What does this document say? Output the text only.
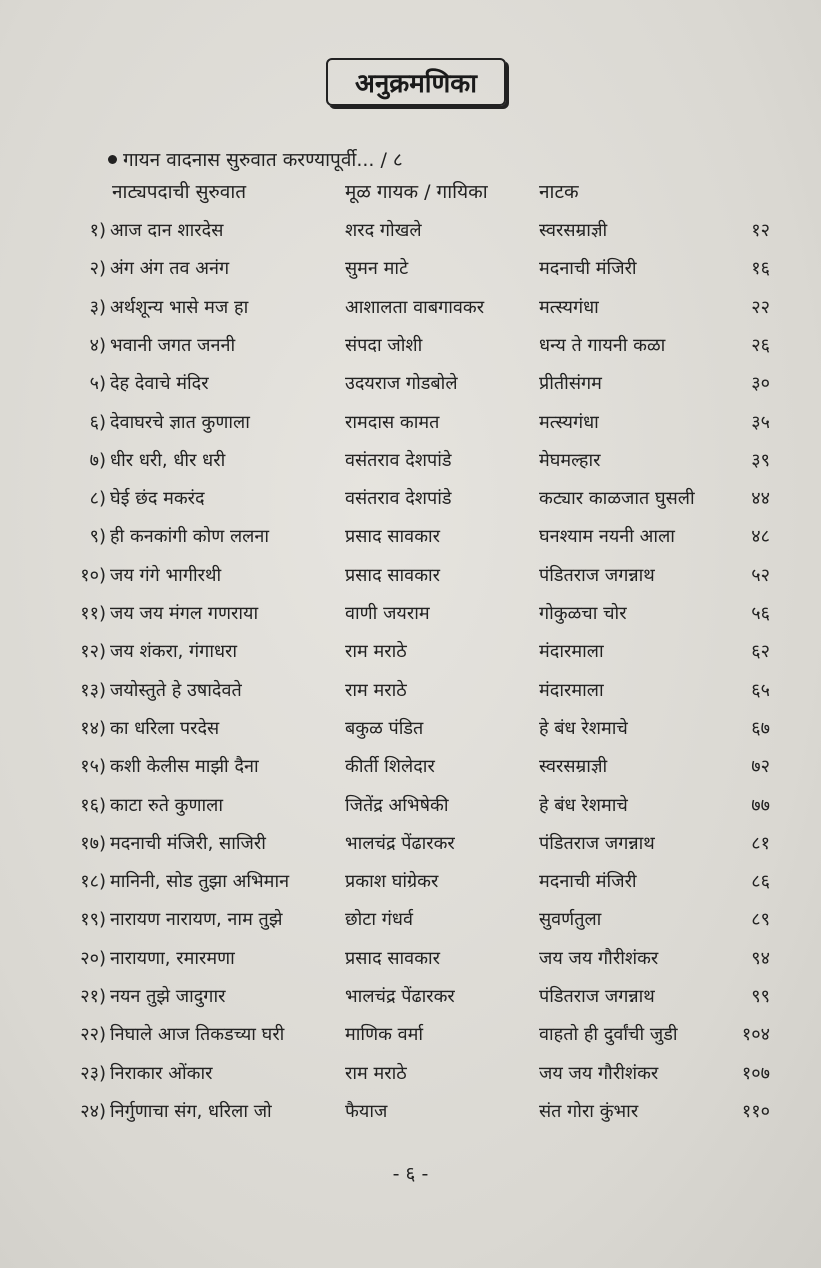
अनुक्रमणिका
गायन वादनास सुरुवात करण्यापूर्वी... / ८
नाट्यपदाची सुरुवात	मूळ गायक / गायिका	नाटक
१) आज दान शारदेस	शरद गोखले	स्वरसम्राज्ञी	१२
२) अंग अंग तव अनंग	सुमन माटे	मदनाची मंजिरी	१६
३) अर्थशून्य भासे मज हा	आशालता वाबगावकर	मत्स्यगंधा	२२
४) भवानी जगत जननी	संपदा जोशी	धन्य ते गायनी कळा	२६
५) देह देवाचे मंदिर	उदयराज गोडबोले	प्रीतीसंगम	३०
६) देवाघरचे ज्ञात कुणाला	रामदास कामत	मत्स्यगंधा	३५
७) धीर धरी, धीर धरी	वसंतराव देशपांडे	मेघमल्हार	३९
८) घेई छंद मकरंद	वसंतराव देशपांडे	कट्यार काळजात घुसली	४४
९) ही कनकांगी कोण ललना	प्रसाद सावकार	घनश्याम नयनी आला	४८
१०) जय गंगे भागीरथी	प्रसाद सावकार	पंडितराज जगन्नाथ	५२
११) जय जय मंगल गणराया	वाणी जयराम	गोकुळचा चोर	५६
१२) जय शंकरा, गंगाधरा	राम मराठे	मंदारमाला	६२
१३) जयोस्तुते हे उषादेवते	राम मराठे	मंदारमाला	६५
१४) का धरिला परदेस	बकुळ पंडित	हे बंध रेशमाचे	६७
१५) कशी केलीस माझी दैना	कीर्ती शिलेदार	स्वरसम्राज्ञी	७२
१६) काटा रुते कुणाला	जितेंद्र अभिषेकी	हे बंध रेशमाचे	७७
१७) मदनाची मंजिरी, साजिरी	भालचंद्र पेंढारकर	पंडितराज जगन्नाथ	८१
१८) मानिनी, सोड तुझा अभिमान	प्रकाश घांग्रेकर	मदनाची मंजिरी	८६
१९) नारायण नारायण, नाम तुझे	छोटा गंधर्व	सुवर्णतुला	८९
२०) नारायणा, रमारमणा	प्रसाद सावकार	जय जय गौरीशंकर	९४
२१) नयन तुझे जादुगार	भालचंद्र पेंढारकर	पंडितराज जगन्नाथ	९९
२२) निघाले आज तिकडच्या घरी	माणिक वर्मा	वाहतो ही दुर्वांची जुडी	१०४
२३) निराकार ओंकार	राम मराठे	जय जय गौरीशंकर	१०७
२४) निर्गुणाचा संग, धरिला जो	फैयाज	संत गोरा कुंभार	११०
- ६ -
